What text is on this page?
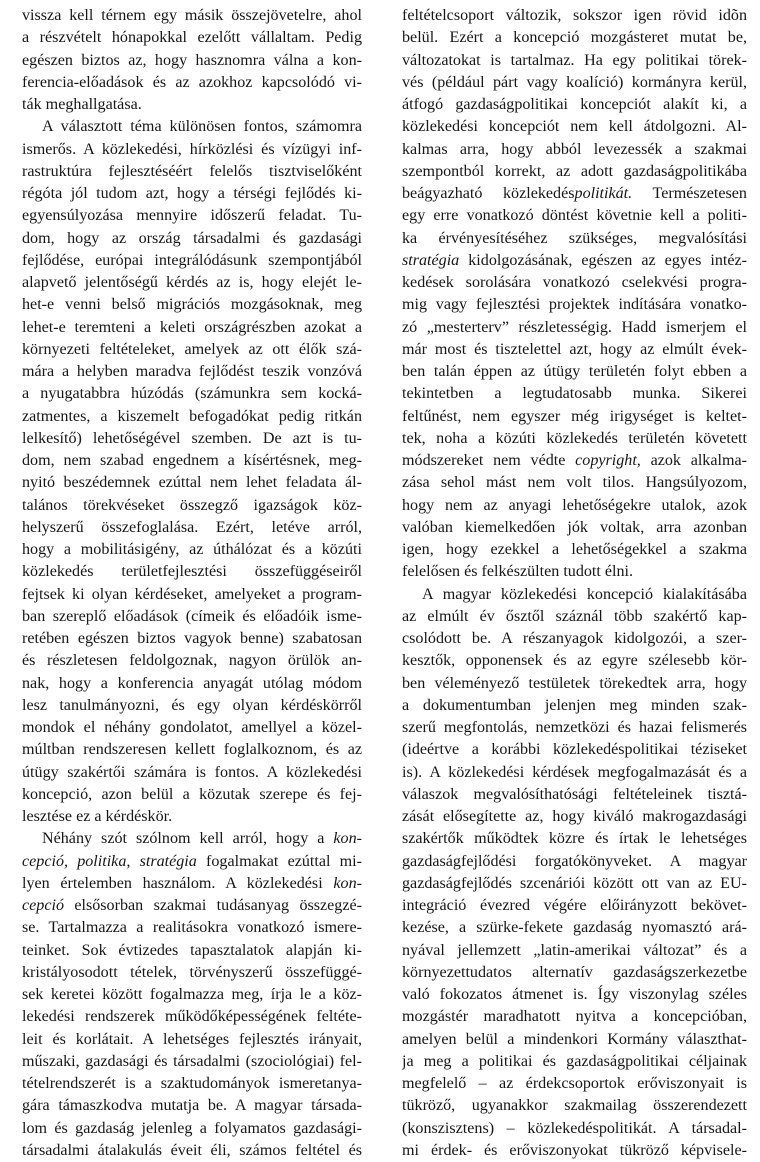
vissza kell térnem egy másik összejövetelre, ahol
a részvételt hónapokkal ezelőtt vállaltam. Pedig
egészen biztos az, hogy hasznomra válna a kon-
ferencia-előadások és az azokhoz kapcsolódó vi-
ták meghallgatása.
A választott téma különösen fontos, számomra
ismerős. A közlekedési, hírközlési és vízügyi inf-
rastruktúra fejlesztéséért felelős tisztviselőként
régóta jól tudom azt, hogy a térségi fejlődés ki-
egyensúlyozása mennyire időszerű feladat. Tu-
dom, hogy az ország társadalmi és gazdasági
fejlődése, európai integrálódásunk szempontjából
alapvető jelentőségű kérdés az is, hogy elejét le-
het-e venni belső migrációs mozgásoknak, meg
lehet-e teremteni a keleti országrészben azokat a
környezeti feltételeket, amelyek az ott élők szá-
mára a helyben maradva fejlődést teszik vonzóvá
a nyugatabbra húzódás (számunkra sem kocká-
zatmentes, a kiszemelt befogadókat pedig ritkán
lelkesítő) lehetőségével szemben. De azt is tu-
dom, nem szabad engednem a kísértésnek, meg-
nyitó beszédemnek ezúttal nem lehet feladata ál-
talános törekvéseket összegző igazságok köz-
helyszerű összefoglalása. Ezért, letéve arról,
hogy a mobilitásigény, az úthálózat és a közúti
közlekedés területfejlesztési összefüggéseiről
fejtsek ki olyan kérdéseket, amelyeket a program-
ban szereplő előadások (címeik és előadóik isme-
retében egészen biztos vagyok benne) szabatosan
és részletesen feldolgoznak, nagyon örülök an-
nak, hogy a konferencia anyagát utólag módom
lesz tanulmányozni, és egy olyan kérdéskörről
mondok el néhány gondolatot, amellyel a közel-
múltban rendszeresen kellett foglalkoznom, és az
útügy szakértői számára is fontos. A közlekedési
koncepció, azon belül a közutak szerepe és fej-
lesztése ez a kérdéskör.
Néhány szót szólnom kell arról, hogy a kon-
cepció, politika, stratégia fogalmakat ezúttal mi-
lyen értelemben használom. A közlekedési kon-
cepció elsősorban szakmai tudásanyag összegzé-
se. Tartalmazza a realitásokra vonatkozó ismere-
teinket. Sok évtizedes tapasztalatok alapján ki-
kristályosodott tételek, törvényszerű összefüggé-
sek keretei között fogalmazza meg, írja le a köz-
lekedési rendszerek működőképességének feltéte-
leit és korlátait. A lehetséges fejlesztés irányait,
műszaki, gazdasági és társadalmi (szociológiai) fel-
tételrendszerét is a szaktudományok ismeretanya-
gára támaszkodva mutatja be. A magyar társada-
lom és gazdaság jelenleg a folyamatos gazdasági-
társadalmi átalakulás éveit éli, számos feltétel és
feltételcsoport változik, sokszor igen rövid idõn
belül. Ezért a koncepció mozgásteret mutat be,
változatokat is tartalmaz. Ha egy politikai törek-
vés (például párt vagy koalíció) kormányra kerül,
átfogó gazdaságpolitikai koncepciót alakít ki, a
közlekedési koncepciót nem kell átdolgozni. Al-
kalmas arra, hogy abból levezessék a szakmai
szempontból korrekt, az adott gazdaságpolitikába
beágyazható közlekedéspolitikát. Természetesen
egy erre vonatkozó döntést követnie kell a politi-
ka érvényesítéséhez szükséges, megvalósítási
stratégia kidolgozásának, egészen az egyes intéz-
kedések sorolására vonatkozó cselekvési progra-
mig vagy fejlesztési projektek indítására vonatko-
zó „mesterterv” részletességig. Hadd ismerjem el
már most és tisztelettel azt, hogy az elmúlt évek-
ben talán éppen az útügy területén folyt ebben a
tekintetben a legtudatosabb munka. Sikerei
feltűnést, nem egyszer még irigységet is keltet-
tek, noha a közúti közlekedés területén követett
módszereket nem védte copyright, azok alkalma-
zása sehol mást nem volt tilos. Hangsúlyozom,
hogy nem az anyagi lehetőségekre utalok, azok
valóban kiemelkedően jók voltak, arra azonban
igen, hogy ezekkel a lehetőségekkel a szakma
felelősen és felkészülten tudott élni.
A magyar közlekedési koncepció kialakításába
az elmúlt év ősztől száznál több szakértő kap-
csolódott be. A részanyagok kidolgozói, a szer-
kesztők, opponensek és az egyre szélesebb kör-
ben véleményező testületek törekedtek arra, hogy
a dokumentumban jelenjen meg minden szak-
szerű megfontolás, nemzetközi és hazai felismerés
(ideértve a korábbi közlekedéspolitikai téziseket
is). A közlekedési kérdések megfogalmazását és a
válaszok megvalósíthatósági feltételeinek tisztá-
zását elősegítette az, hogy kiváló makrogazdasági
szakértők működtek közre és írtak le lehetséges
gazdaságfejlődési forgatókönyveket. A magyar
gazdaságfejlődés szcenáriói között ott van az EU-
integráció évezred végére előirányzott bekövet-
kezése, a szürke-fekete gazdaság nyomasztó ará-
nyával jellemzett „latin-amerikai változat” és a
környezettudatos alternatív gazdaságszerkezetbe
való fokozatos átmenet is. Így viszonylag széles
mozgástér maradhatott nyitva a koncepcióban,
amelyen belül a mindenkori Kormány választhat-
ja meg a politikai és gazdaságpolitikai céljainak
megfelelő – az érdekcsoportok erőviszonyait is
tükröző, ugyanakkor szakmailag összerendezett
(konszisztens) – közlekedéspolitikát. A társadal-
mi érdek- és erőviszonyokat tükröző képvisele-
